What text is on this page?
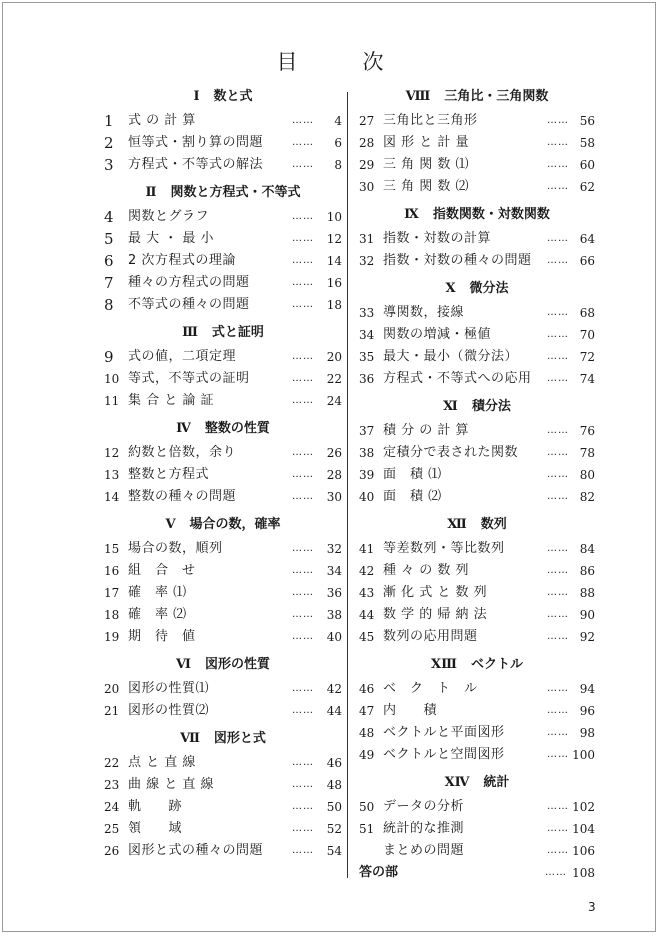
目　次
Ⅰ 数と式
1	式 の 計 算	…… 4
2	恒等式・割り算の問題	…… 6
3	方程式・不等式の解法	…… 8
Ⅱ 関数と方程式・不等式
4	関数とグラフ	…… 10
5	最 大 ・ 最 小	…… 12
6	2 次方程式の理論	…… 14
7	種々の方程式の問題	…… 16
8	不等式の種々の問題	…… 18
Ⅲ 式と証明
9	式の値，二項定理	…… 20
10 等式，不等式の証明	…… 22
11 集 合 と 論 証	…… 24
Ⅳ 整数の性質
12 約数と倍数，余り	…… 26
13 整数と方程式	…… 28
14 整数の種々の問題	…… 30
Ⅴ 場合の数，確率
15 場合の数，順列	…… 32
16 組　合　せ	…… 34
17 確　率 ⑴	…… 36
18 確　率 ⑵	…… 38
19 期　待　値	…… 40
Ⅵ 図形の性質
20 図形の性質⑴	…… 42
21 図形の性質⑵	…… 44
Ⅶ 図形と式
22 点 と 直 線	…… 46
23 曲 線 と 直 線	…… 48
24 軌　　跡	…… 50
25 領　　域	…… 52
26 図形と式の種々の問題	…… 54
Ⅷ 三角比・三角関数
27 三角比と三角形	…… 56
28 図 形 と 計 量	…… 58
29 三 角 関 数 ⑴	…… 60
30 三 角 関 数 ⑵	…… 62
Ⅸ 指数関数・対数関数
31 指数・対数の計算	…… 64
32 指数・対数の種々の問題 …… 66
Ⅹ 微分法
33 導関数，接線	…… 68
34 関数の増減・極値	…… 70
35 最大・最小（微分法）	…… 72
36 方程式・不等式への応用 …… 74
Ⅺ 積分法
37 積 分 の 計 算	…… 76
38 定積分で表された関数	…… 78
39 面　積 ⑴	…… 80
40 面　積 ⑵	…… 82
Ⅻ 数列
41 等差数列・等比数列	…… 84
42 種 々 の 数 列	…… 86
43 漸 化 式 と 数 列	…… 88
44 数 学 的 帰 納 法	…… 90
45 数列の応用問題	…… 92
ⅩⅢ ベクトル
46 ベ　ク　ト　ル	…… 94
47 内　　積	…… 96
48 ベクトルと平面図形	…… 98
49 ベクトルと空間図形	…… 100
ⅩⅣ 統計
50 データの分析	…… 102
51 統計的な推測	…… 104
まとめの問題	…… 106
答の部	…… 108
3
